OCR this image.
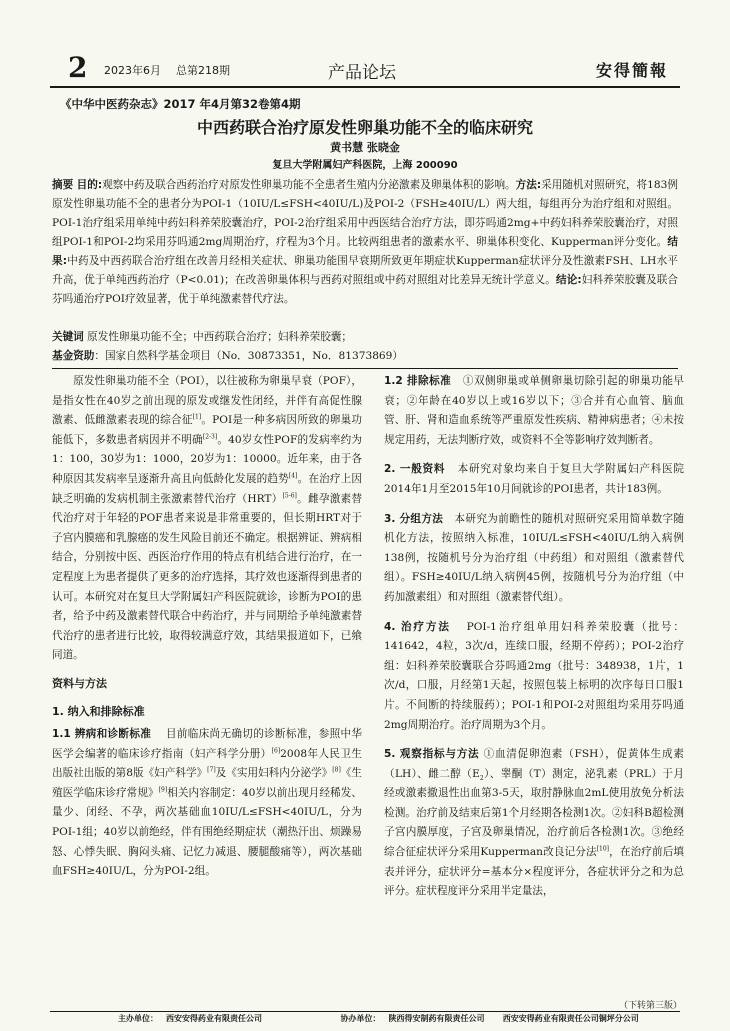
2 2023年6月 总第218期	产品论坛	安得簡報
《中华中医药杂志》2017 年4月第32卷第4期
中西药联合治疗原发性卵巢功能不全的临床研究
黄书慧 张晓金
复旦大学附属妇产科医院，上海 200090
摘要 目的:观察中药及联合西药治疗对原发性卵巢功能不全患者生殖内分泌激素及卵巢体积的影响。方法:采用随机对照研究，将183例原发性卵巢功能不全的患者分为POI-1（10IU/L≤FSH<40IU/L)及POI-2（FSH≥40IU/L）两大组，每组再分为治疗组和对照组。POI-1治疗组采用单纯中药妇科养荣胶囊治疗，POI-2治疗组采用中西医结合治疗方法，即芬吗通2mg+中药妇科养荣胶囊治疗，对照组POI-1和POI-2均采用芬吗通2mg周期治疗，疗程为3个月。比较两组患者的激素水平、卵巢体积变化、Kupperman评分变化。结果:中药及中西药联合治疗组在改善月经相关症状、卵巢功能围早衰期所致更年期症状Kupperman症状评分及性激素FSH、LH水平升高，优于单纯西药治疗（P<0.01)；在改善卵巢体积与西药对照组或中药对照组对比差异无统计学意义。结论:妇科养荣胶囊及联合芬吗通治疗POI疗效显著，优于单纯激素替代疗法。
关键词 原发性卵巢功能不全；中西药联合治疗；妇科养荣胶囊；
基金资助：国家自然科学基金项目（No．30873351，No．81373869）

原发性卵巢功能不全（POI），以往被称为卵巢早衰（POF），是指女性在40岁之前出现的原发或继发性闭经，并伴有高促性腺激素、低雌激素表现的综合征[1]。POI是一种多病因所致的卵巢功能低下，多数患者病因并不明确[2-3]。40岁女性POF的发病率约为1：100，30岁为1：1000，20岁为1：10000。近年来，由于各种原因其发病率呈逐渐升高且向低龄化发展的趋势[4]。在治疗上因缺乏明确的发病机制主张激素替代治疗（HRT）[5-6]。雌孕激素替代治疗对于年轻的POF患者来说是非常重要的，但长期HRT对于子宫内膜癌和乳腺癌的发生风险目前还不确定。根据辨证、辨病相结合，分别按中医、西医治疗作用的特点有机结合进行治疗，在一定程度上为患者提供了更多的治疗选择，其疗效也逐渐得到患者的认可。本研究对在复旦大学附属妇产科医院就诊，诊断为POI的患者，给予中药及激素替代联合中药治疗，并与同期给予单纯激素替代治疗的患者进行比较，取得较满意疗效，其结果报道如下，已飨同道。

资料与方法

1. 纳入和排除标准

1.1 辨病和诊断标准 目前临床尚无确切的诊断标准，参照中华医学会编著的临床诊疗指南（妇产科学分册）[6]2008年人民卫生出版社出版的第8版《妇产科学》[7]及《实用妇科内分泌学》[8]《生殖医学临床诊疗常规》[9]相关内容制定：40岁以前出现月经稀发、量少、闭经、不孕，两次基础血10IU/L≤FSH<40IU/L，分为POI-1组；40岁以前绝经，伴有围绝经期症状（潮热汗出、烦躁易怒、心悸失眠、胸闷头痛、记忆力减退、腰腿酸痛等），两次基础血FSH≥40IU/L，分为POI-2组。

1.2 排除标准 ①双侧卵巢或单侧卵巢切除引起的卵巢功能早衰；②年龄在40岁以上或16岁以下；③合并有心血管、脑血管、肝、肾和造血系统等严重原发性疾病、精神病患者；④未按规定用药，无法判断疗效，或资料不全等影响疗效判断者。

2. 一般资料 本研究对象均来自于复旦大学附属妇产科医院2014年1月至2015年10月间就诊的POI患者，共计183例。

3. 分组方法 本研究为前瞻性的随机对照研究采用简单数字随机化方法，按照纳入标准，10IU/L≤FSH<40IU/L纳入病例138例，按随机号分为治疗组（中药组）和对照组（激素替代组）。FSH≥40IU/L纳入病例45例，按随机号分为治疗组（中药加激素组）和对照组（激素替代组）。

4. 治疗方法 POI-1治疗组单用妇科养荣胶囊（批号：141642，4粒，3次/d，连续口服，经期不停药）；POI-2治疗组：妇科养荣胶囊联合芬吗通2mg（批号：348938，1片，1次/d，口服，月经第1天起，按照包装上标明的次序每日口服1片。不间断的持续服药）；POI-1和POI-2对照组均采用芬吗通2mg周期治疗。治疗周期为3个月。

5. 观察指标与方法 ①血清促卵泡素（FSH），促黄体生成素（LH）、雌二醇$(E_2)$、睾酮（T）测定，泌乳素（PRL）于月经或激素撤退性出血第3-5天，取肘静脉血2mL使用放免分析法检测。治疗前及结束后第1个月经期各检测1次。②妇科B超检测子宫内膜厚度，子宫及卵巢情况，治疗前后各检测1次。③绝经综合征症状评分采用Kupperman改良记分法[10]，在治疗前后填表并评分，症状评分=基本分×程度评分，各症状评分之和为总评分。症状程度评分采用半定量法，

（下转第三版）
主办单位： 西安安得药业有限责任公司	协办单位： 陕西得安制药有限责任公司 西安安得药业有限责任公司铜坪分公司
